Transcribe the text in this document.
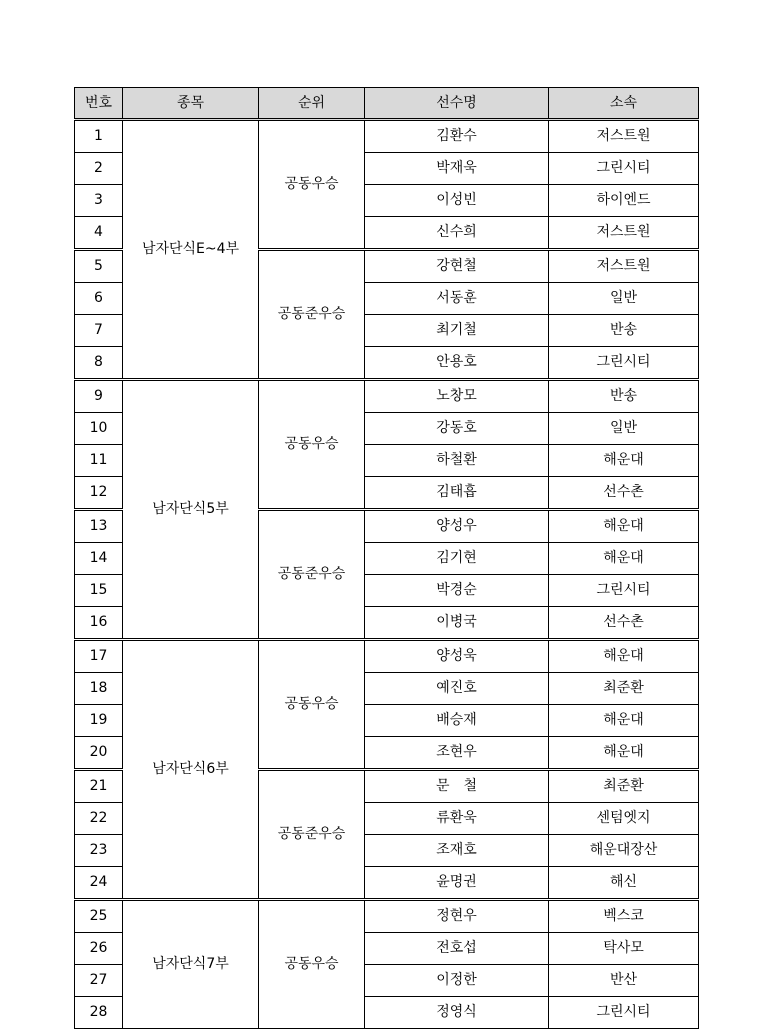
번호	종목	순위	선수명	소속
1	남자단식E~4부	공동우승	김환수	저스트원
2			박재욱	그린시티
3			이성빈	하이엔드
4			신수희	저스트원
5		공동준우승	강현철	저스트원
6			서동훈	일반
7			최기철	반송
8			안용호	그린시티
9	남자단식5부	공동우승	노창모	반송
10			강동호	일반
11			하철환	해운대
12			김태흡	선수촌
13		공동준우승	양성우	해운대
14			김기현	해운대
15			박경순	그린시티
16			이병국	선수촌
17	남자단식6부	공동우승	양성욱	해운대
18			예진호	최준환
19			배승재	해운대
20			조현우	해운대
21		공동준우승	문　철	최준환
22			류환욱	센텀엣지
23			조재호	해운대장산
24			윤명권	해신
25	남자단식7부	공동우승	정현우	벡스코
26			전호섭	탁사모
27			이정한	반산
28			정영식	그린시티
